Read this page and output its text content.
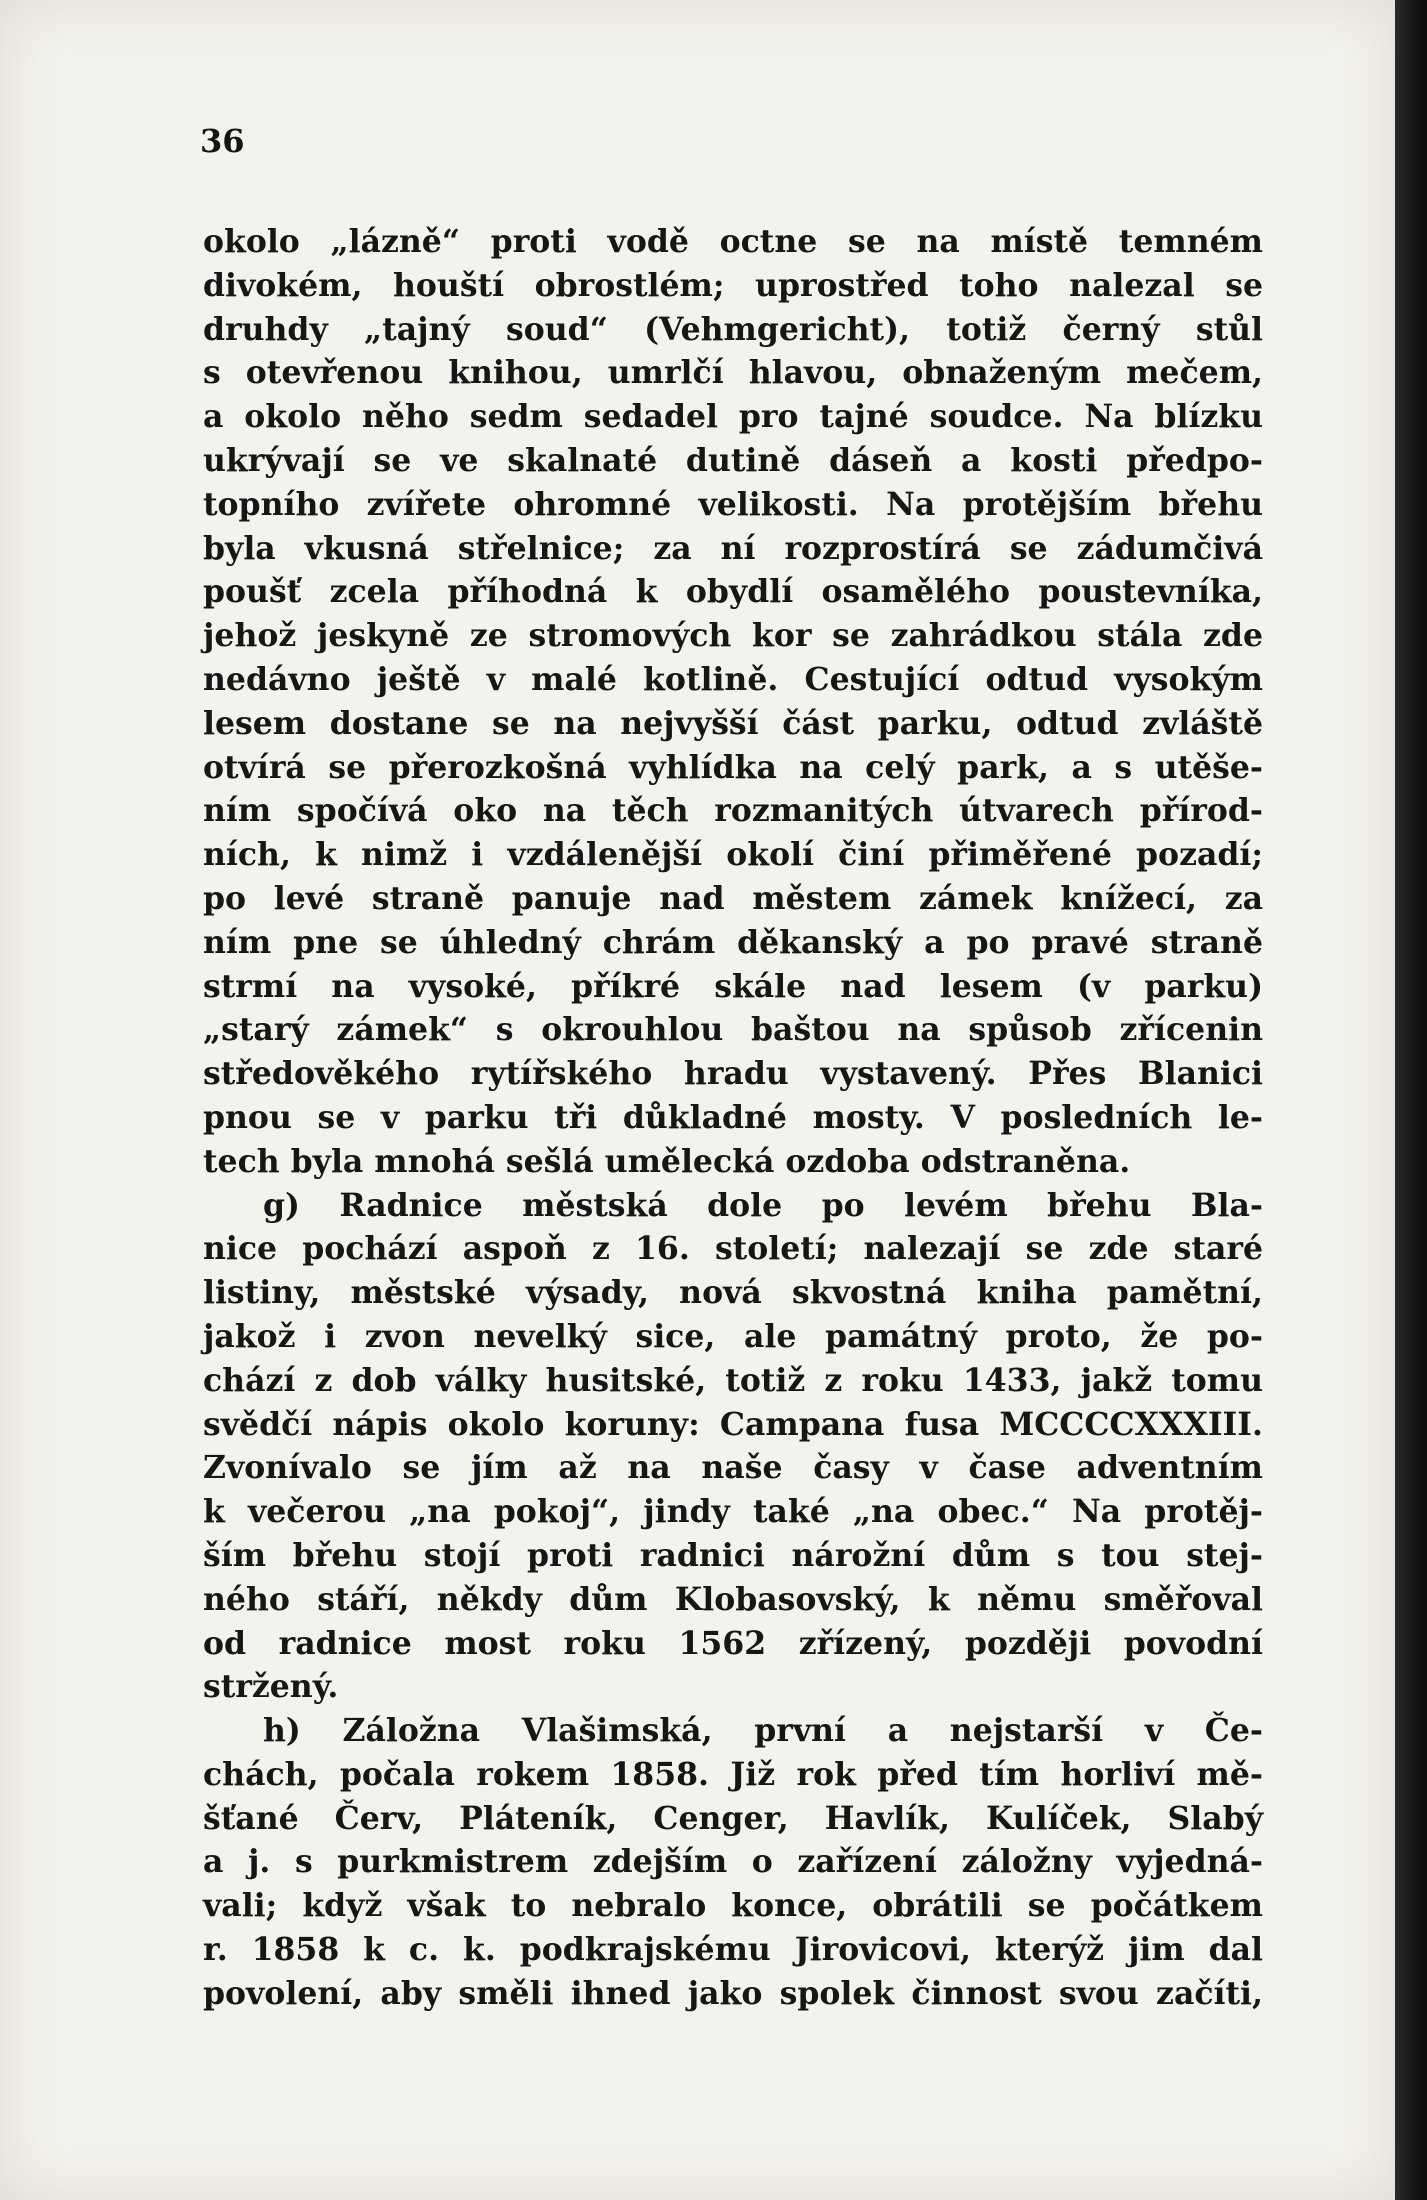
36
okolo „lázně“ proti vodě octne se na místě temném
divokém, houští obrostlém; uprostřed toho nalezal se
druhdy „tajný soud“ (Vehmgericht), totiž černý stůl
s otevřenou knihou, umrlčí hlavou, obnaženým mečem,
a okolo něho sedm sedadel pro tajné soudce. Na blízku
ukrývají se ve skalnaté dutině dáseň a kosti předpo-
topního zvířete ohromné velikosti. Na protějším břehu
byla vkusná střelnice; za ní rozprostírá se zádumčivá
poušť zcela příhodná k obydlí osamělého poustevníka,
jehož jeskyně ze stromových kor se zahrádkou stála zde
nedávno ještě v malé kotlině. Cestující odtud vysokým
lesem dostane se na nejvyšší část parku, odtud zvláště
otvírá se přerozkošná vyhlídka na celý park, a s utěše-
ním spočívá oko na těch rozmanitých útvarech přírod-
ních, k nimž i vzdálenější okolí činí přiměřené pozadí;
po levé straně panuje nad městem zámek knížecí, za
ním pne se úhledný chrám děkanský a po pravé straně
strmí na vysoké, příkré skále nad lesem (v parku)
„starý zámek“ s okrouhlou baštou na spůsob zřícenin
středověkého rytířského hradu vystavený. Přes Blanici
pnou se v parku tři důkladné mosty. V posledních le-
tech byla mnohá sešlá umělecká ozdoba odstraněna.
g) Radnice městská dole po levém břehu Bla-
nice pochází aspoň z 16. století; nalezají se zde staré
listiny, městské výsady, nová skvostná kniha pamětní,
jakož i zvon nevelký sice, ale památný proto, že po-
chází z dob války husitské, totiž z roku 1433, jakž tomu
svědčí nápis okolo koruny: Campana fusa MCCCCXXXIII.
Zvonívalo se jím až na naše časy v čase adventním
k večerou „na pokoj“, jindy také „na obec.“ Na protěj-
ším břehu stojí proti radnici nárožní dům s tou stej-
ného stáří, někdy dům Klobasovský, k němu směřoval
od radnice most roku 1562 zřízený, později povodní
stržený.
h) Záložna Vlašimská, první a nejstarší v Če-
chách, počala rokem 1858. Již rok před tím horliví mě-
šťané Červ, Pláteník, Cenger, Havlík, Kulíček, Slabý
a j. s purkmistrem zdejším o zařízení záložny vyjedná-
vali; když však to nebralo konce, obrátili se počátkem
r. 1858 k c. k. podkrajskému Jirovicovi, kterýž jim dal
povolení, aby směli ihned jako spolek činnost svou začíti,
